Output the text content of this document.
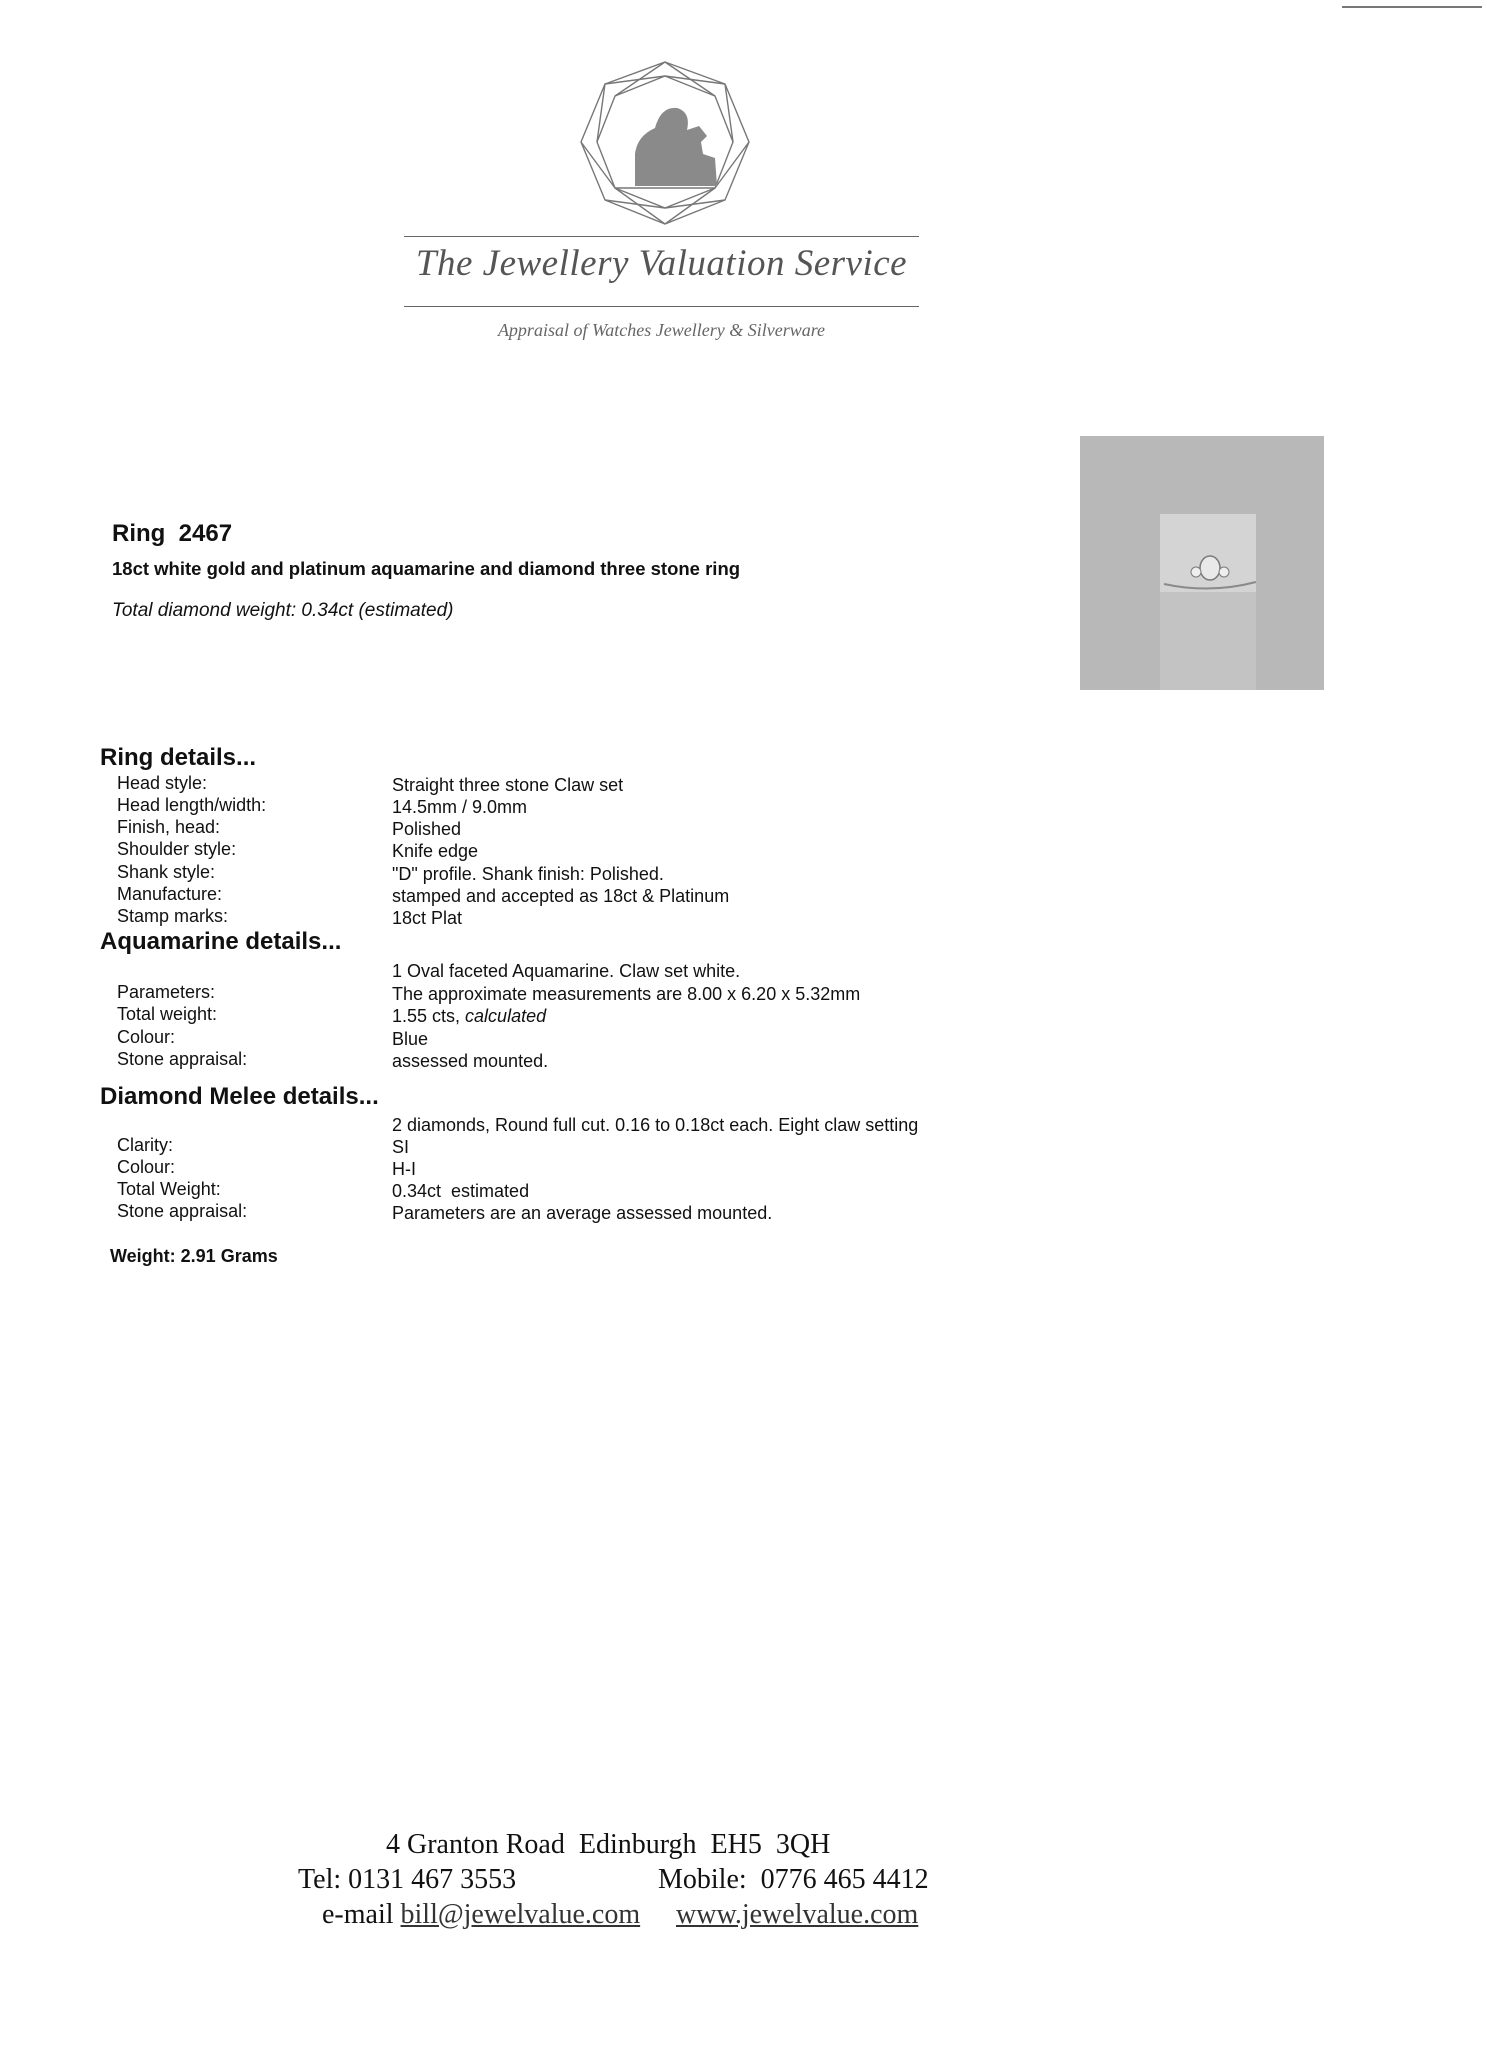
The Jewellery Valuation Service
Appraisal of Watches Jewellery & Silverware
Ring  2467
18ct white gold and platinum aquamarine and diamond three stone ring
Total diamond weight: 0.34ct (estimated)
Ring details...
Head style:	Straight three stone Claw set
Head length/width:	14.5mm / 9.0mm
Finish, head:	Polished
Shoulder style:	Knife edge
Shank style:	"D" profile. Shank finish: Polished.
Manufacture:	stamped and accepted as 18ct & Platinum
Stamp marks:	18ct Plat
Aquamarine details...
1 Oval faceted Aquamarine. Claw set white.
Parameters:	The approximate measurements are 8.00 x 6.20 x 5.32mm
Total weight:	1.55 cts, calculated
Colour:	Blue
Stone appraisal:	assessed mounted.
Diamond Melee details...
2 diamonds, Round full cut. 0.16 to 0.18ct each. Eight claw setting
Clarity:	SI
Colour:	H-I
Total Weight:	0.34ct  estimated
Stone appraisal:	Parameters are an average assessed mounted.
Weight: 2.91 Grams
4 Granton Road  Edinburgh  EH5  3QH
Tel: 0131 467 3553	Mobile:  0776 465 4412
e-mail bill@jewelvalue.com www.jewelvalue.com
